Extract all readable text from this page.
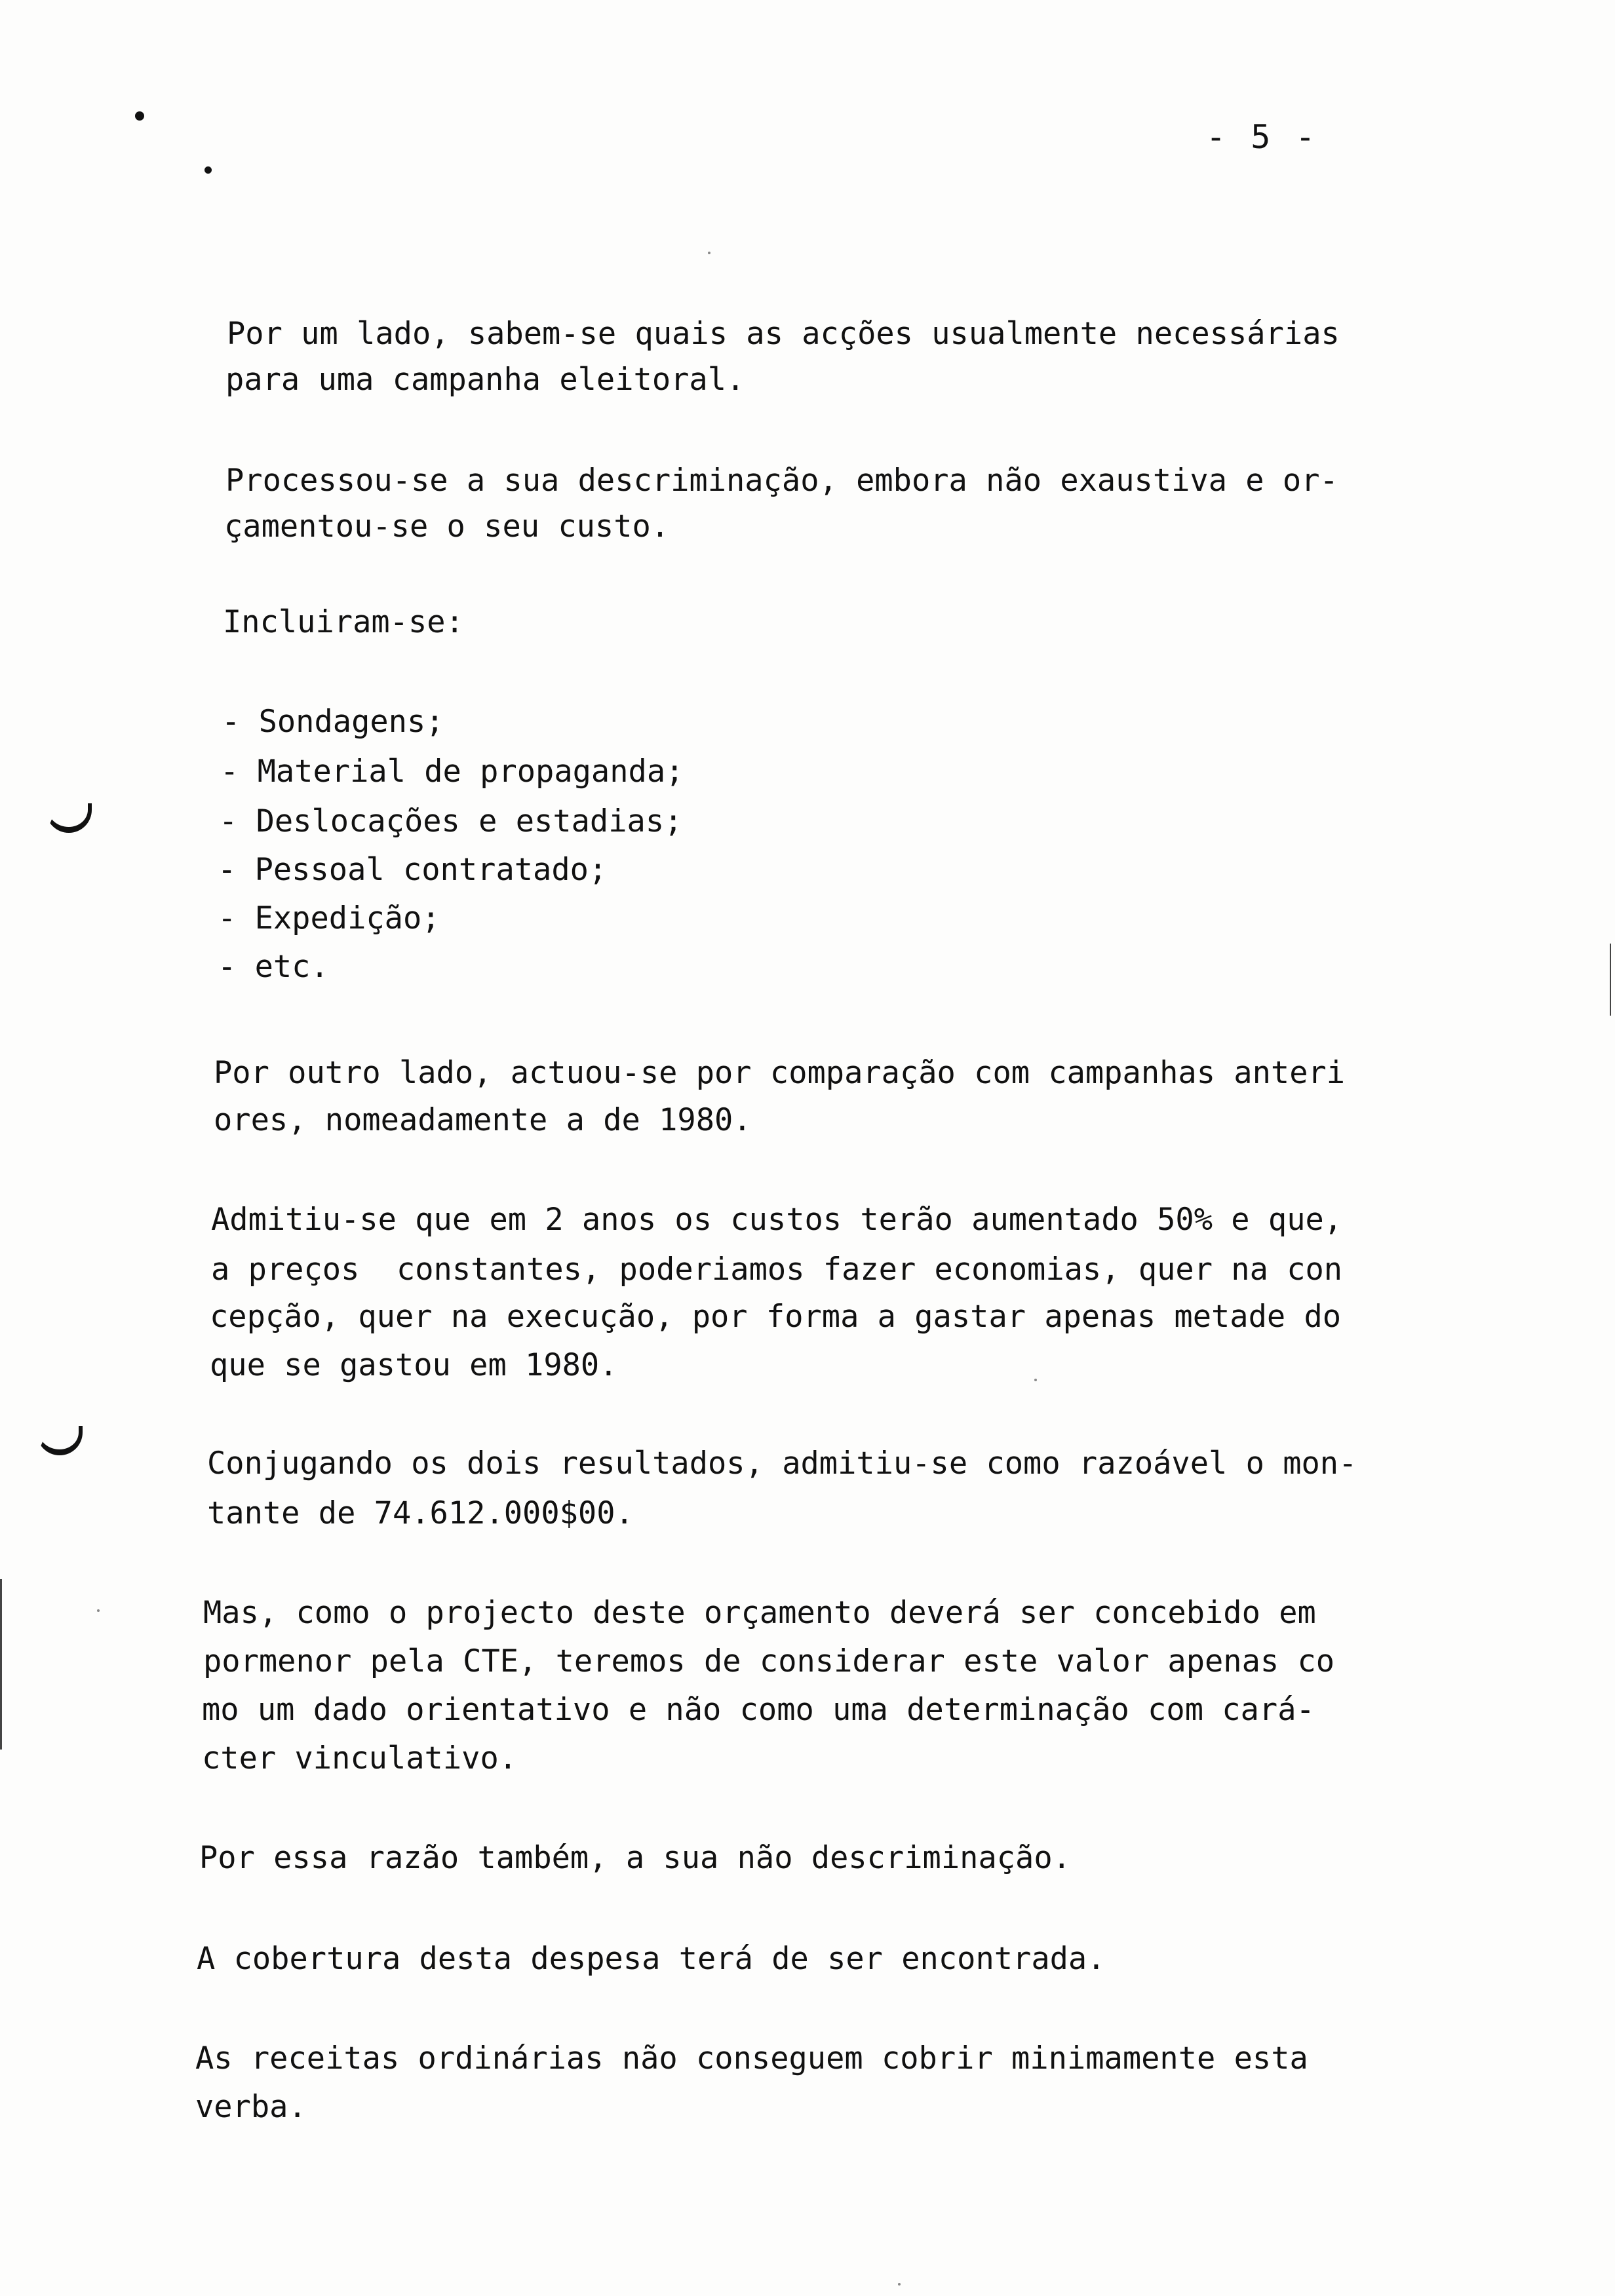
- 5 -
Por um lado, sabem-se quais as acções usualmente necessárias
para uma campanha eleitoral.
Processou-se a sua descriminação, embora não exaustiva e or-
çamentou-se o seu custo.
Incluiram-se:
- Sondagens;
- Material de propaganda;
- Deslocações e estadias;
- Pessoal contratado;
- Expedição;
- etc.
Por outro lado, actuou-se por comparação com campanhas anteri
ores, nomeadamente a de 1980.
Admitiu-se que em 2 anos os custos terão aumentado 50% e que,
a preços  constantes, poderiamos fazer economias, quer na con
cepção, quer na execução, por forma a gastar apenas metade do
que se gastou em 1980.
Conjugando os dois resultados, admitiu-se como razoável o mon-
tante de 74.612.000$00.
Mas, como o projecto deste orçamento deverá ser concebido em
pormenor pela CTE, teremos de considerar este valor apenas co
mo um dado orientativo e não como uma determinação com cará-
cter vinculativo.
Por essa razão também, a sua não descriminação.
A cobertura desta despesa terá de ser encontrada.
As receitas ordinárias não conseguem cobrir minimamente esta
verba.
